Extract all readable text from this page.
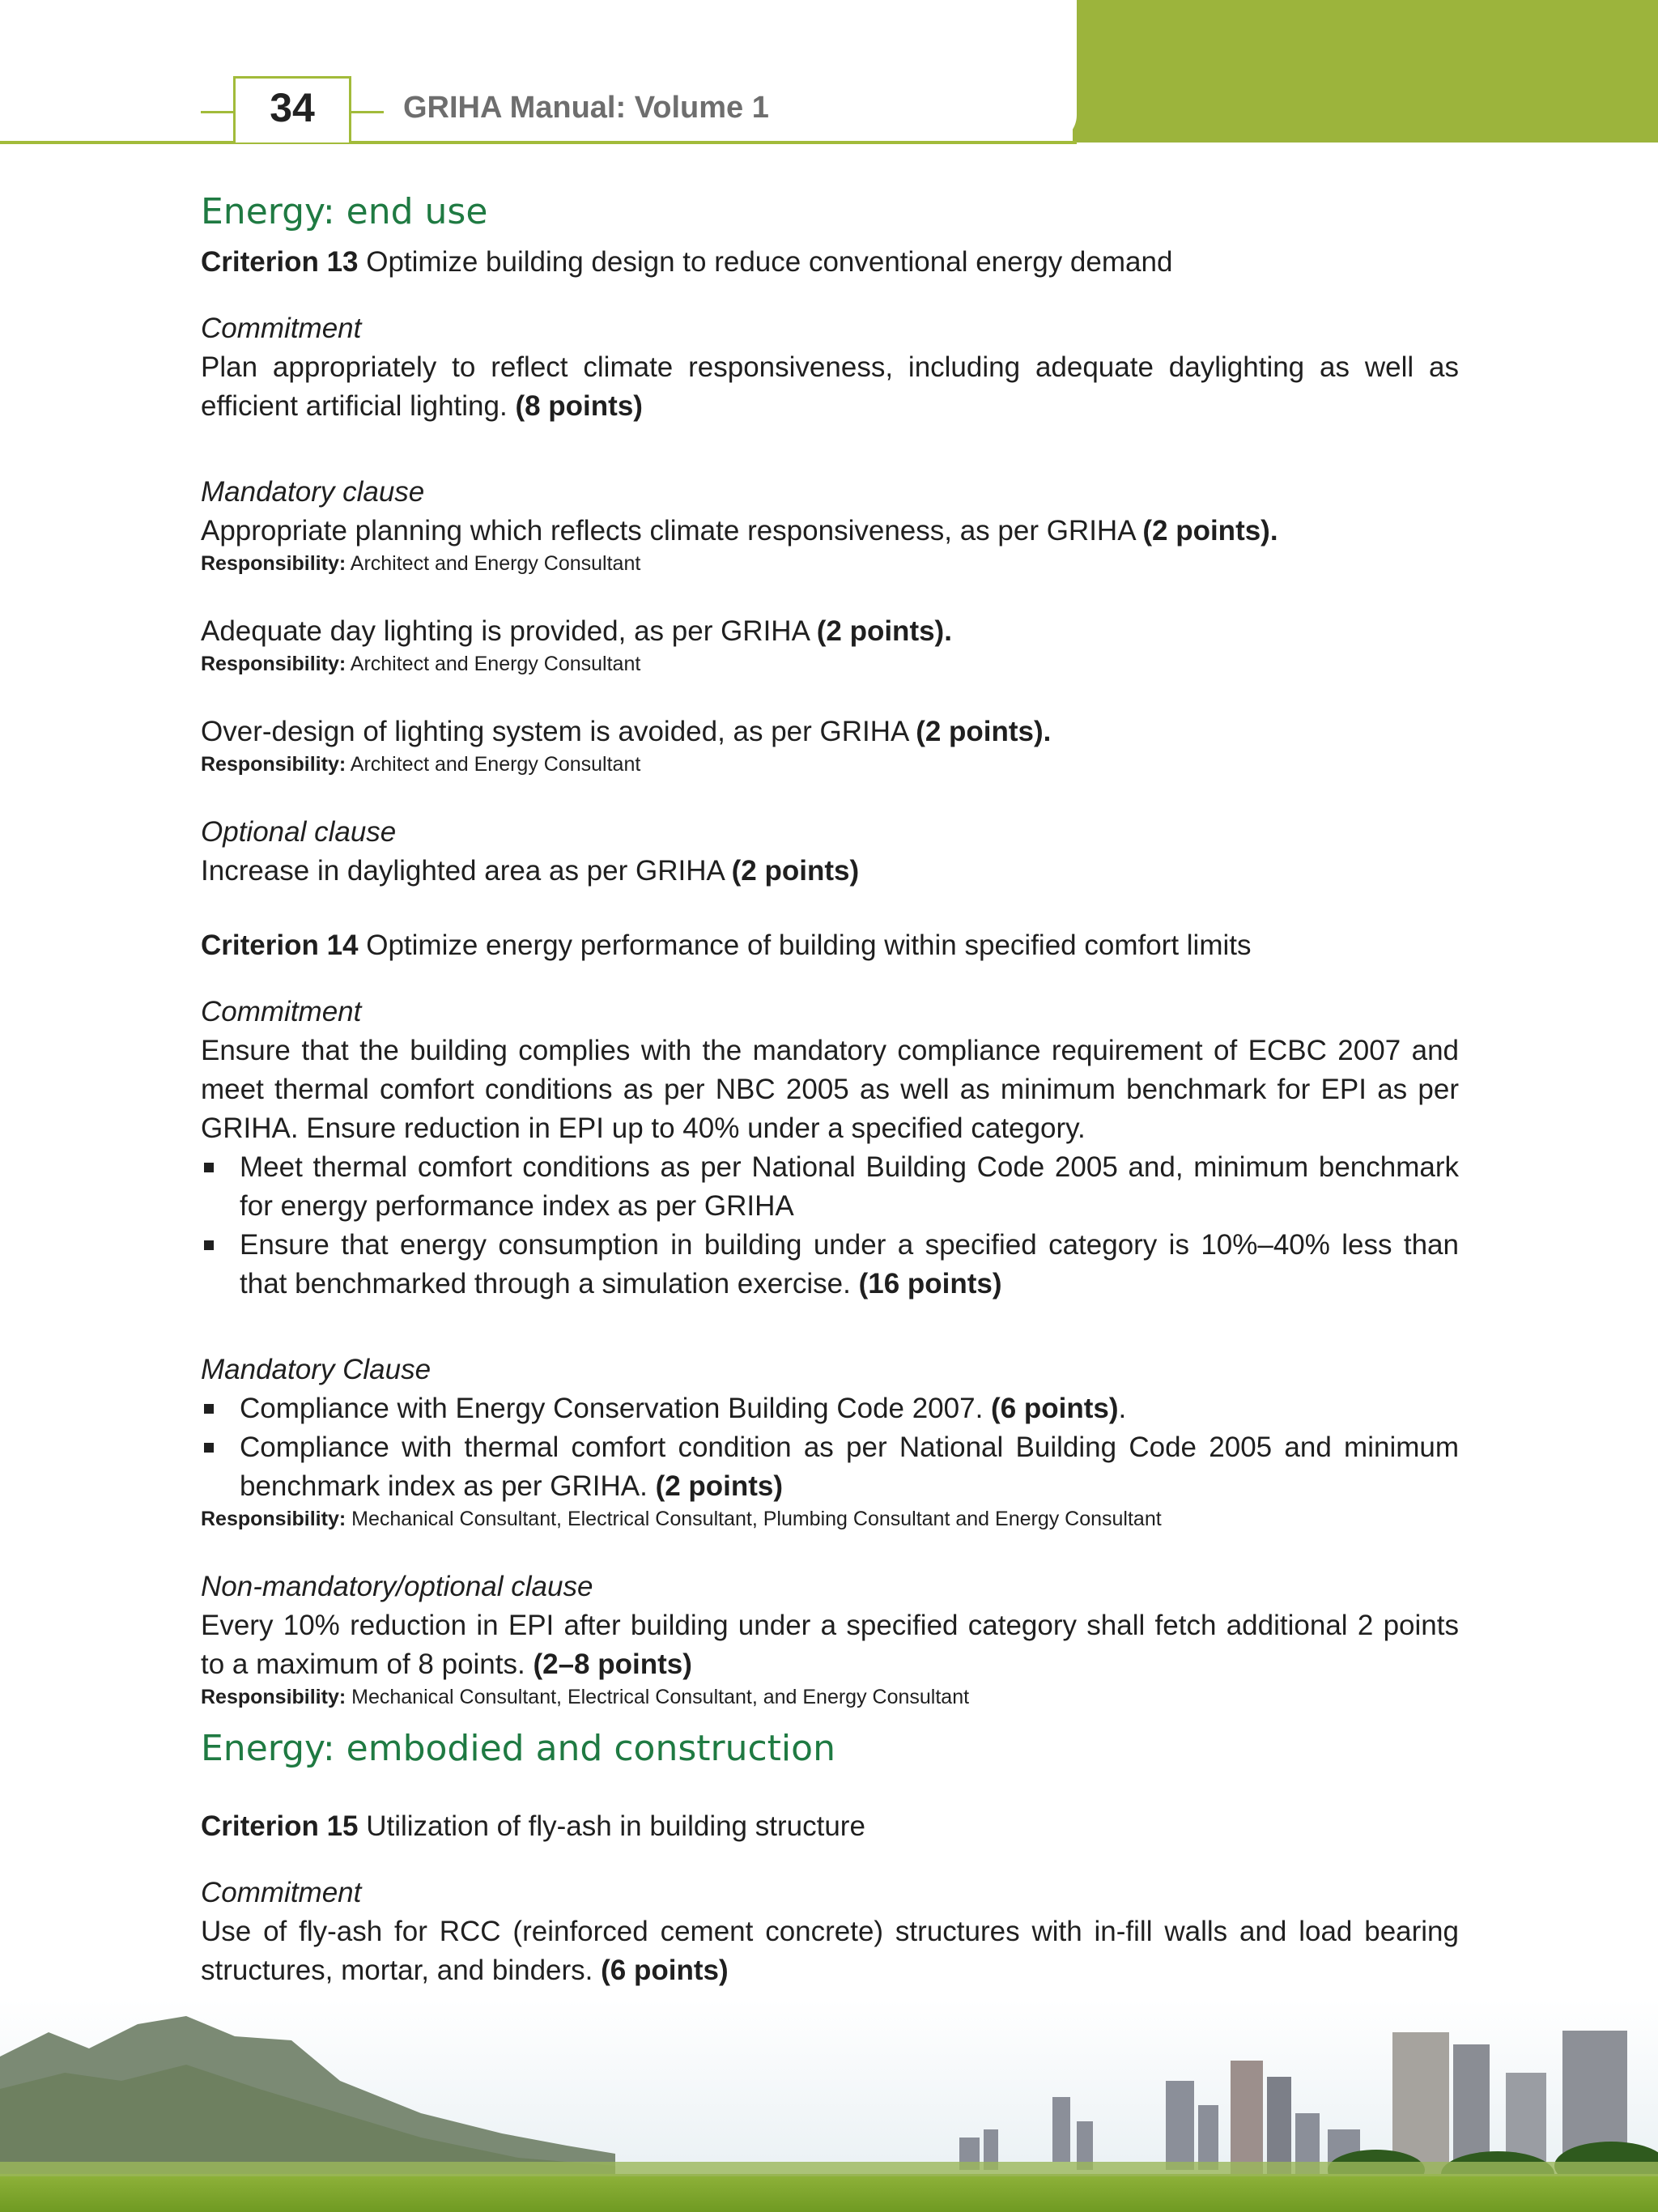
34	GRIHA Manual: Volume 1
Energy: end use

Criterion 13 Optimize building design to reduce conventional energy demand

Commitment

Plan appropriately to reflect climate responsiveness, including adequate daylighting as well as efficient artificial lighting. (8 points)

Mandatory clause

Appropriate planning which reflects climate responsiveness, as per GRIHA (2 points).

Responsibility: Architect and Energy Consultant

Adequate day lighting is provided, as per GRIHA (2 points).

Responsibility: Architect and Energy Consultant

Over-design of lighting system is avoided, as per GRIHA (2 points).

Responsibility: Architect and Energy Consultant

Optional clause

Increase in daylighted area as per GRIHA (2 points)

Criterion 14 Optimize energy performance of building within specified comfort limits

Commitment

Ensure that the building complies with the mandatory compliance requirement of ECBC 2007 and meet thermal comfort conditions as per NBC 2005 as well as minimum benchmark for EPI as per GRIHA. Ensure reduction in EPI up to 40% under a specified category.

Meet thermal comfort conditions as per National Building Code 2005 and, minimum benchmark for energy performance index as per GRIHA
Ensure that energy consumption in building under a specified category is 10%–40% less than that benchmarked through a simulation exercise. (16 points)

Mandatory Clause

Compliance with Energy Conservation Building Code 2007. (6 points).
Compliance with thermal comfort condition as per National Building Code 2005 and minimum benchmark index as per GRIHA. (2 points)

Responsibility: Mechanical Consultant, Electrical Consultant, Plumbing Consultant and Energy Consultant

Non-mandatory/optional clause

Every 10% reduction in EPI after building under a specified category shall fetch additional 2 points to a maximum of 8 points. (2–8 points)

Responsibility: Mechanical Consultant, Electrical Consultant, and Energy Consultant

Energy: embodied and construction

Criterion 15 Utilization of fly-ash in building structure

Commitment

Use of fly-ash for RCC (reinforced cement concrete) structures with in-fill walls and load bearing structures, mortar, and binders. (6 points)
